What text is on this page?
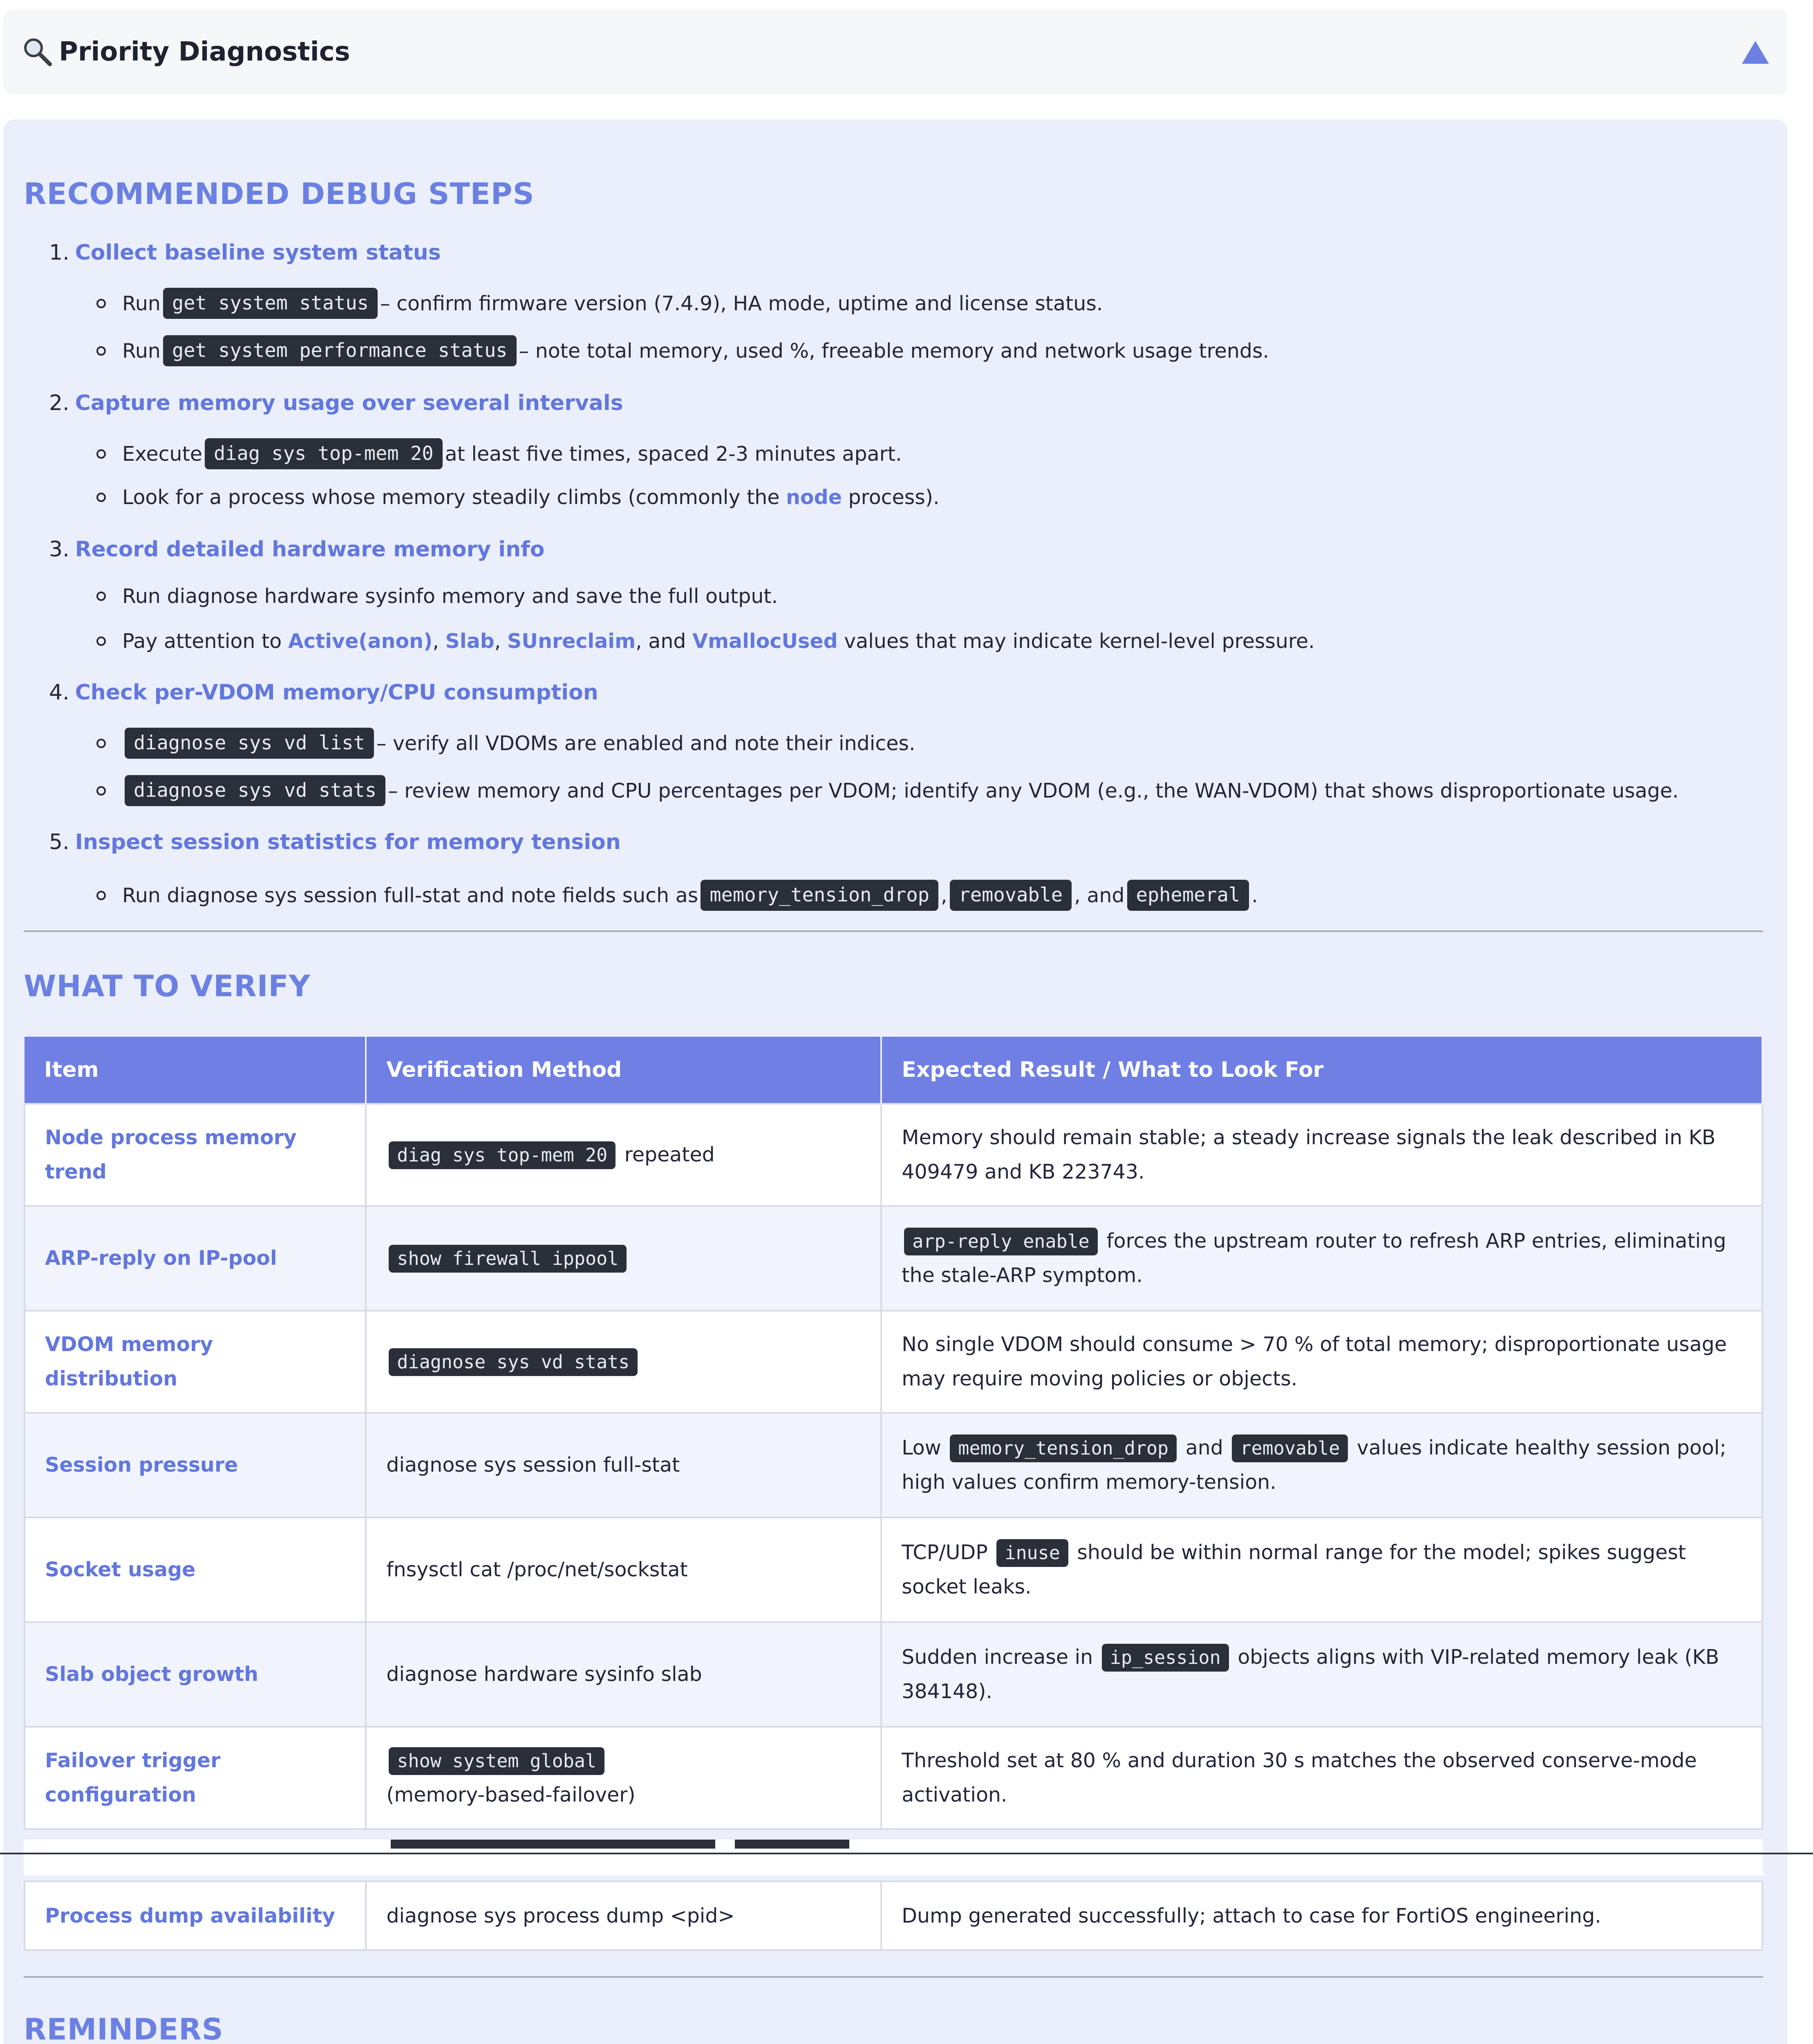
Priority Diagnostics
RECOMMENDED DEBUG STEPS
1. Collect baseline system status
Run get system status – confirm firmware version (7.4.9), HA mode, uptime and license status.
Run get system performance status – note total memory, used %, freeable memory and network usage trends.
2. Capture memory usage over several intervals
Execute diag sys top-mem 20 at least five times, spaced 2-3 minutes apart.
Look for a process whose memory steadily climbs (commonly the
node
process).
3. Record detailed hardware memory info
Run diagnose hardware sysinfo memory and save the full output.
Pay attention to
Active(anon) , Slab , SUnreclaim , and VmallocUsed
values that may indicate kernel-level pressure.
4. Check per-VDOM memory/CPU consumption
diagnose sys vd list – verify all VDOMs are enabled and note their indices.
diagnose sys vd stats – review memory and CPU percentages per VDOM; identify any VDOM (e.g., the WAN-VDOM) that shows disproportionate usage.
5. Inspect session statistics for memory tension
Run diagnose sys session full-stat and note fields such as memory_tension_drop , removable , and ephemeral .
WHAT TO VERIFY
Item	Verification Method	Expected Result / What to Look For
Node process memory trend	diag sys top-mem 20 repeated	Memory should remain stable; a steady increase signals the leak described in KB 409479 and KB 223743.
ARP-reply on IP-pool	show firewall ippool	arp-reply enable forces the upstream router to refresh ARP entries, eliminating the stale-ARP symptom.
VDOM memory distribution	diagnose sys vd stats	No single VDOM should consume > 70 % of total memory; disproportionate usage may require moving policies or objects.
Session pressure	diagnose sys session full-stat	Low memory_tension_drop and removable values indicate healthy session pool; high values confirm memory-tension.
Socket usage	fnsysctl cat /proc/net/sockstat	TCP/UDP inuse should be within normal range for the model; spikes suggest socket leaks.
Slab object growth	diagnose hardware sysinfo slab	Sudden increase in ip_session objects aligns with VIP-related memory leak (KB 384148).
Failover trigger configuration	show system global
(memory-based-failover)	Threshold set at 80 % and duration 30 s matches the observed conserve-mode activation.
Process dump availability	diagnose sys process dump <pid>	Dump generated successfully; attach to case for FortiOS engineering.
REMINDERS
